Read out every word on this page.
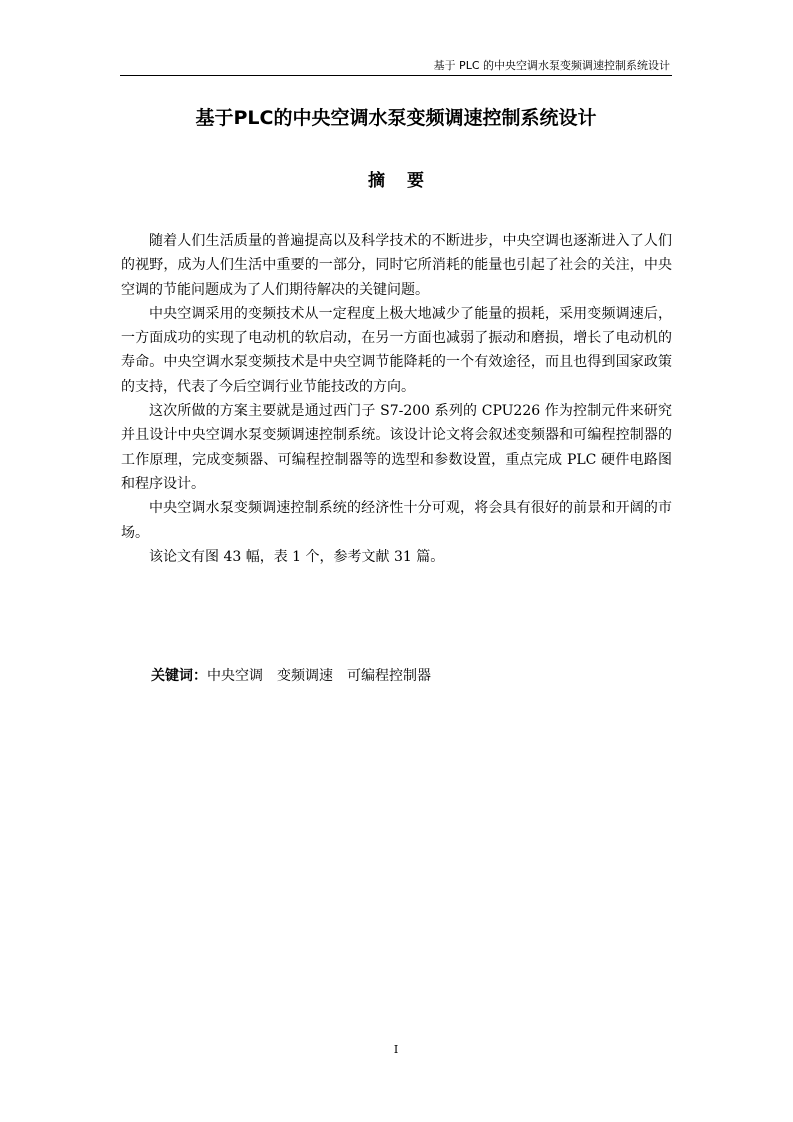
基于 PLC 的中央空调水泵变频调速控制系统设计
基于PLC的中央空调水泵变频调速控制系统设计
摘要

随着人们生活质量的普遍提高以及科学技术的不断进步，中央空调也逐渐进入了人们的视野，成为人们生活中重要的一部分，同时它所消耗的能量也引起了社会的关注，中央空调的节能问题成为了人们期待解决的关键问题。

中央空调采用的变频技术从一定程度上极大地减少了能量的损耗，采用变频调速后，一方面成功的实现了电动机的软启动，在另一方面也减弱了振动和磨损，增长了电动机的寿命。中央空调水泵变频技术是中央空调节能降耗的一个有效途径，而且也得到国家政策的支持，代表了今后空调行业节能技改的方向。

这次所做的方案主要就是通过西门子 S7-200 系列的 CPU226 作为控制元件来研究并且设计中央空调水泵变频调速控制系统。该设计论文将会叙述变频器和可编程控制器的工作原理，完成变频器、可编程控制器等的选型和参数设置，重点完成 PLC 硬件电路图和程序设计。

中央空调水泵变频调速控制系统的经济性十分可观，将会具有很好的前景和开阔的市场。

该论文有图 43 幅，表 1 个，参考文献 31 篇。

关键词：中央空调 变频调速 可编程控制器
I
